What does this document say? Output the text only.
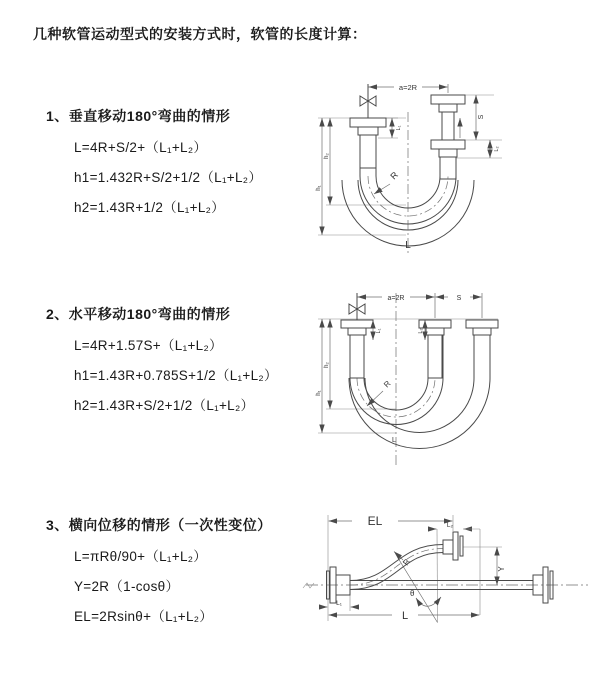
几种软管运动型式的安装方式时，软管的长度计算：
1、垂直移动180°弯曲的情形
L=4R+S/2+（L₁+L₂）
h1=1.432R+S/2+1/2（L₁+L₂）
h2=1.43R+1/2（L₁+L₂）
2、水平移动180°弯曲的情形
L=4R+1.57S+（L₁+L₂）
h1=1.43R+0.785S+1/2（L₁+L₂）
h2=1.43R+S/2+1/2（L₁+L₂）
3、横向位移的情形（一次性变位）
L=πRθ/90+（L₁+L₂）
Y=2R（1-cosθ）
EL=2Rsinθ+（L₁+L₂）
a=2R
h₂
h₁
S
L₂
L₁
R
L
a=2R	S
h₂
h₁
L₁	L₂
R
L
EL	L₂
L₁
L
Y
R
θ
